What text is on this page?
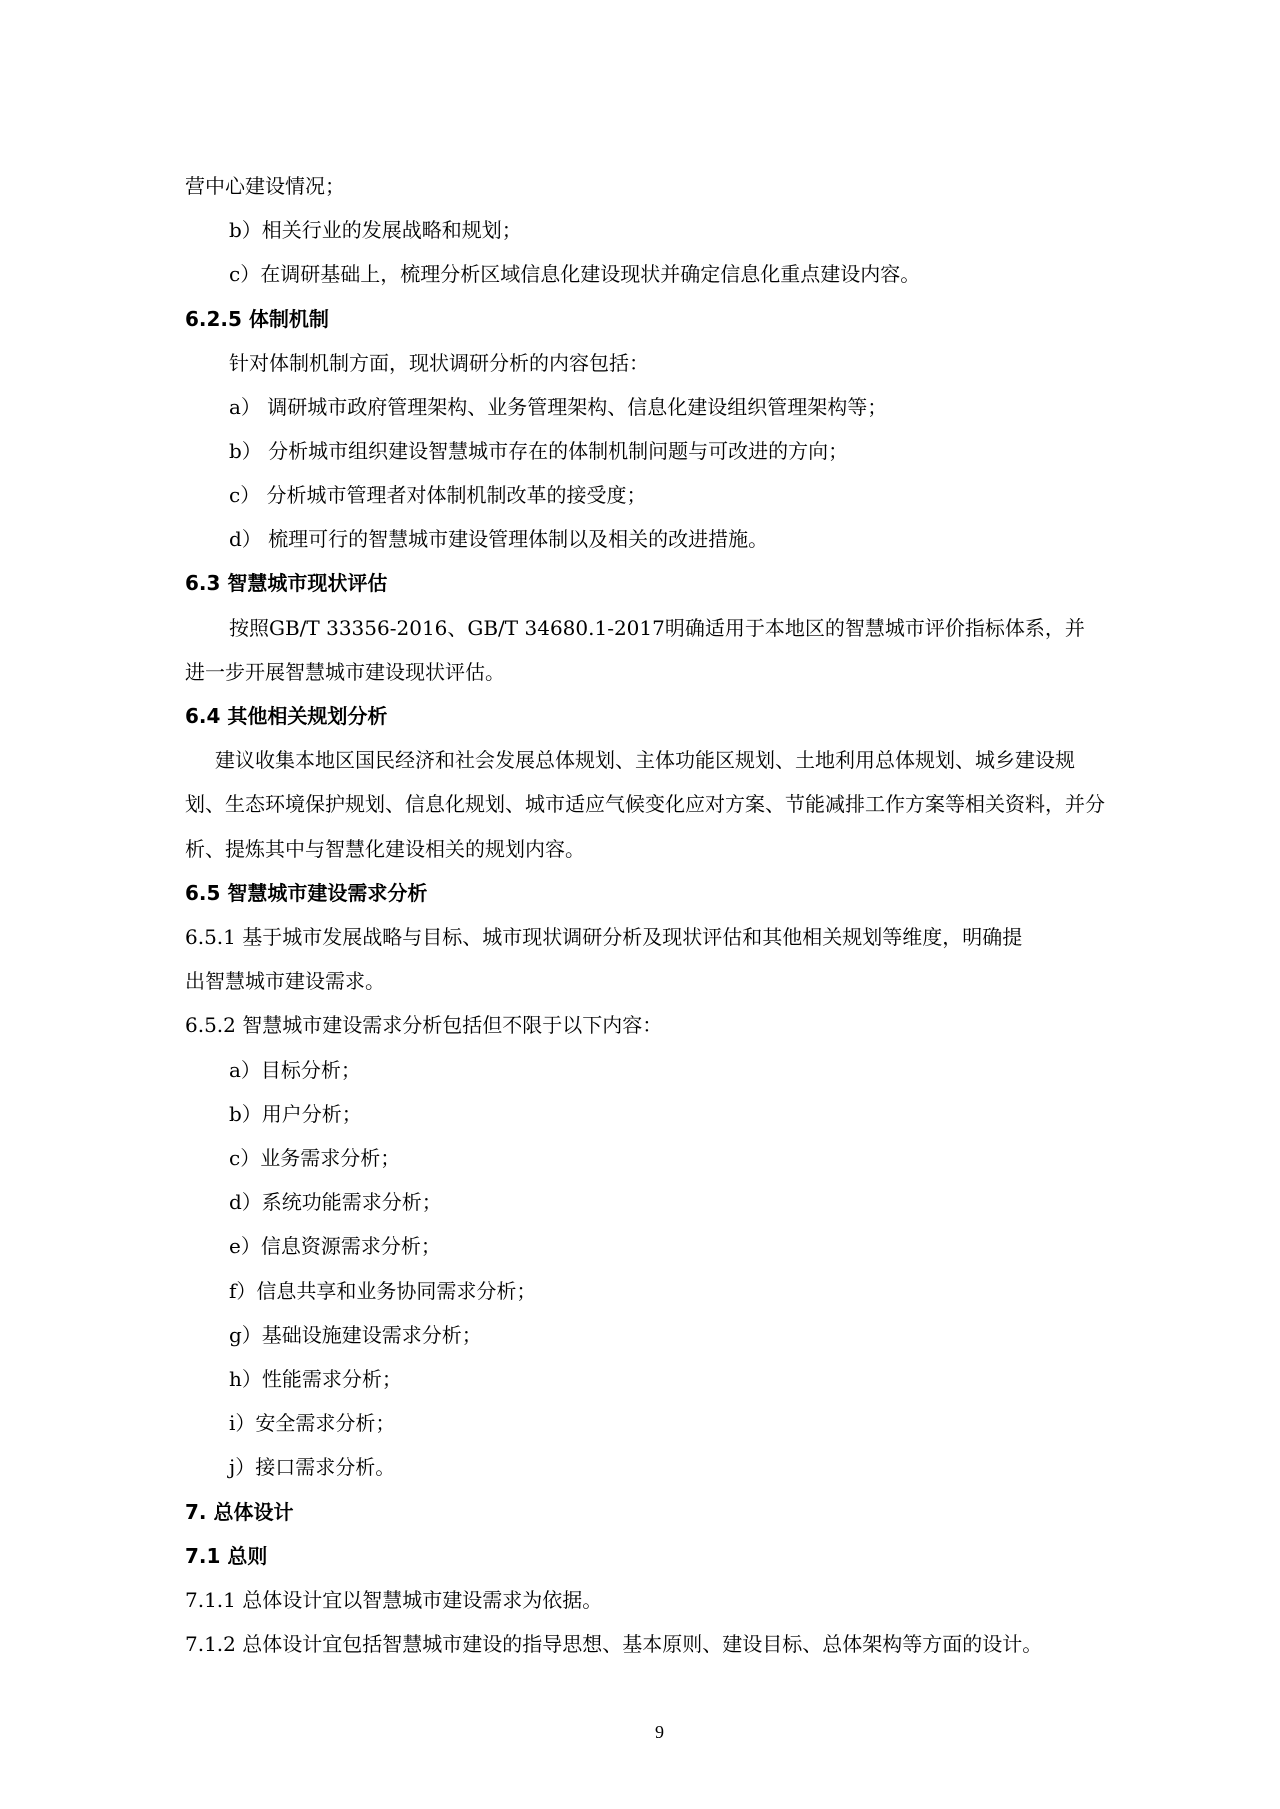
营中心建设情况；
b）相关行业的发展战略和规划；
c）在调研基础上，梳理分析区域信息化建设现状并确定信息化重点建设内容。
6.2.5 体制机制
针对体制机制方面，现状调研分析的内容包括：
a） 调研城市政府管理架构、业务管理架构、信息化建设组织管理架构等；
b） 分析城市组织建设智慧城市存在的体制机制问题与可改进的方向；
c） 分析城市管理者对体制机制改革的接受度；
d） 梳理可行的智慧城市建设管理体制以及相关的改进措施。
6.3 智慧城市现状评估
按照GB/T 33356-2016、GB/T 34680.1-2017明确适用于本地区的智慧城市评价指标体系，并
进一步开展智慧城市建设现状评估。
6.4 其他相关规划分析
建议收集本地区国民经济和社会发展总体规划、主体功能区规划、土地利用总体规划、城乡建设规
划、生态环境保护规划、信息化规划、城市适应气候变化应对方案、节能减排工作方案等相关资料，并分
析、提炼其中与智慧化建设相关的规划内容。
6.5 智慧城市建设需求分析
6.5.1 基于城市发展战略与目标、城市现状调研分析及现状评估和其他相关规划等维度，明确提
出智慧城市建设需求。
6.5.2 智慧城市建设需求分析包括但不限于以下内容：
a）目标分析；
b）用户分析；
c）业务需求分析；
d）系统功能需求分析；
e）信息资源需求分析；
f）信息共享和业务协同需求分析；
g）基础设施建设需求分析；
h）性能需求分析；
i）安全需求分析；
j）接口需求分析。
7. 总体设计
7.1 总则
7.1.1 总体设计宜以智慧城市建设需求为依据。
7.1.2 总体设计宜包括智慧城市建设的指导思想、基本原则、建设目标、总体架构等方面的设计。
9
